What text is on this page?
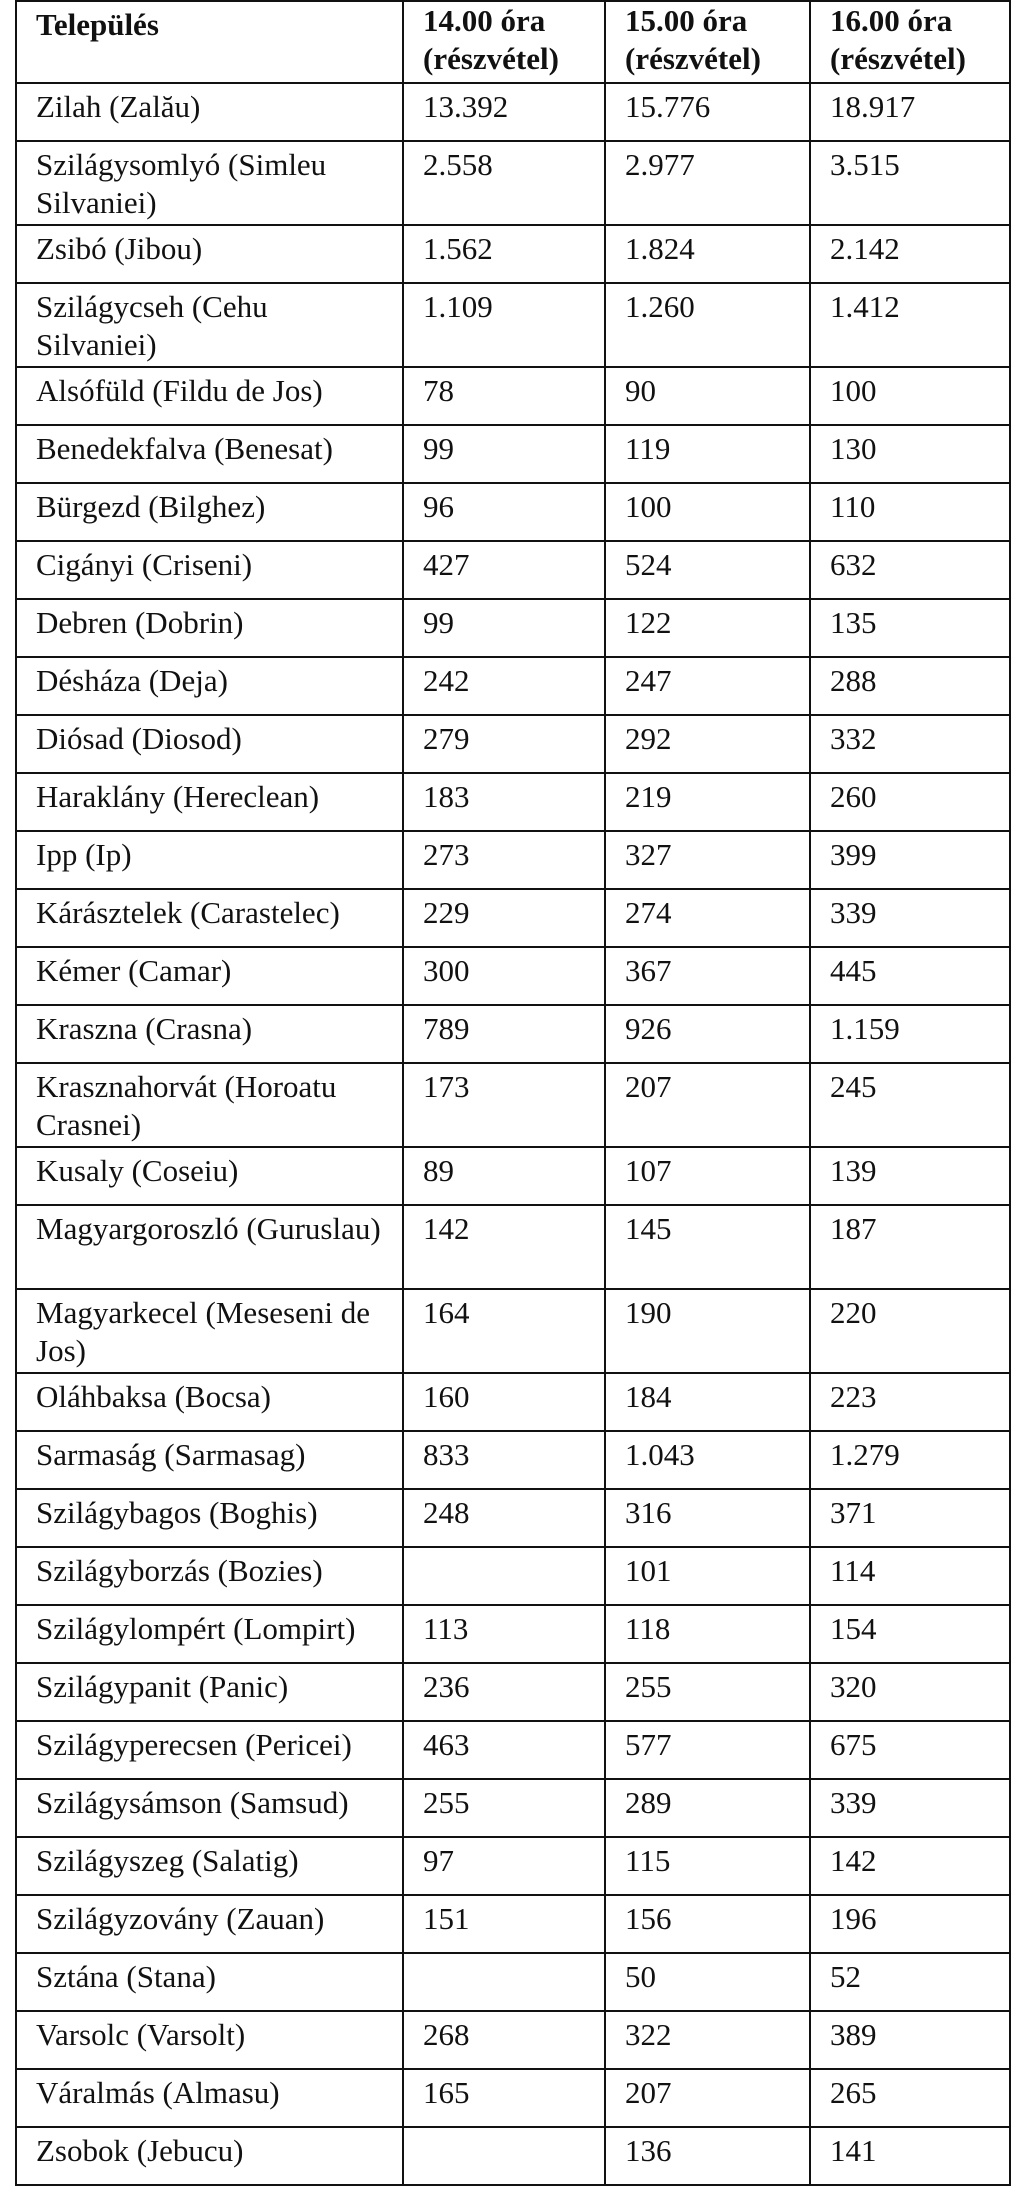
Település	14.00 óra (részvétel)	15.00 óra (részvétel)	16.00 óra (részvétel)
Zilah (Zalău)	13.392	15.776	18.917
Szilágysomlyó (Simleu Silvaniei)	2.558	2.977	3.515
Zsibó (Jibou)	1.562	1.824	2.142
Szilágycseh (Cehu Silvaniei)	1.109	1.260	1.412
Alsófüld (Fildu de Jos)	78	90	100
Benedekfalva (Benesat)	99	119	130
Bürgezd (Bilghez)	96	100	110
Cigányi (Criseni)	427	524	632
Debren (Dobrin)	99	122	135
Désháza (Deja)	242	247	288
Diósad (Diosod)	279	292	332
Haraklány (Hereclean)	183	219	260
Ipp (Ip)	273	327	399
Kárásztelek (Carastelec)	229	274	339
Kémer (Camar)	300	367	445
Kraszna (Crasna)	789	926	1.159
Krasznahorvát (Horoatu Crasnei)	173	207	245
Kusaly (Coseiu)	89	107	139
Magyargoroszló (Guruslau)	142	145	187
Magyarkecel (Meseseni de Jos)	164	190	220
Oláhbaksa (Bocsa)	160	184	223
Sarmaság (Sarmasag)	833	1.043	1.279
Szilágybagos (Boghis)	248	316	371
Szilágyborzás (Bozies)		101	114
Szilágylompért (Lompirt)	113	118	154
Szilágypanit (Panic)	236	255	320
Szilágyperecsen (Pericei)	463	577	675
Szilágysámson (Samsud)	255	289	339
Szilágyszeg (Salatig)	97	115	142
Szilágyzovány (Zauan)	151	156	196
Sztána (Stana)		50	52
Varsolc (Varsolt)	268	322	389
Váralmás (Almasu)	165	207	265
Zsobok (Jebucu)		136	141
